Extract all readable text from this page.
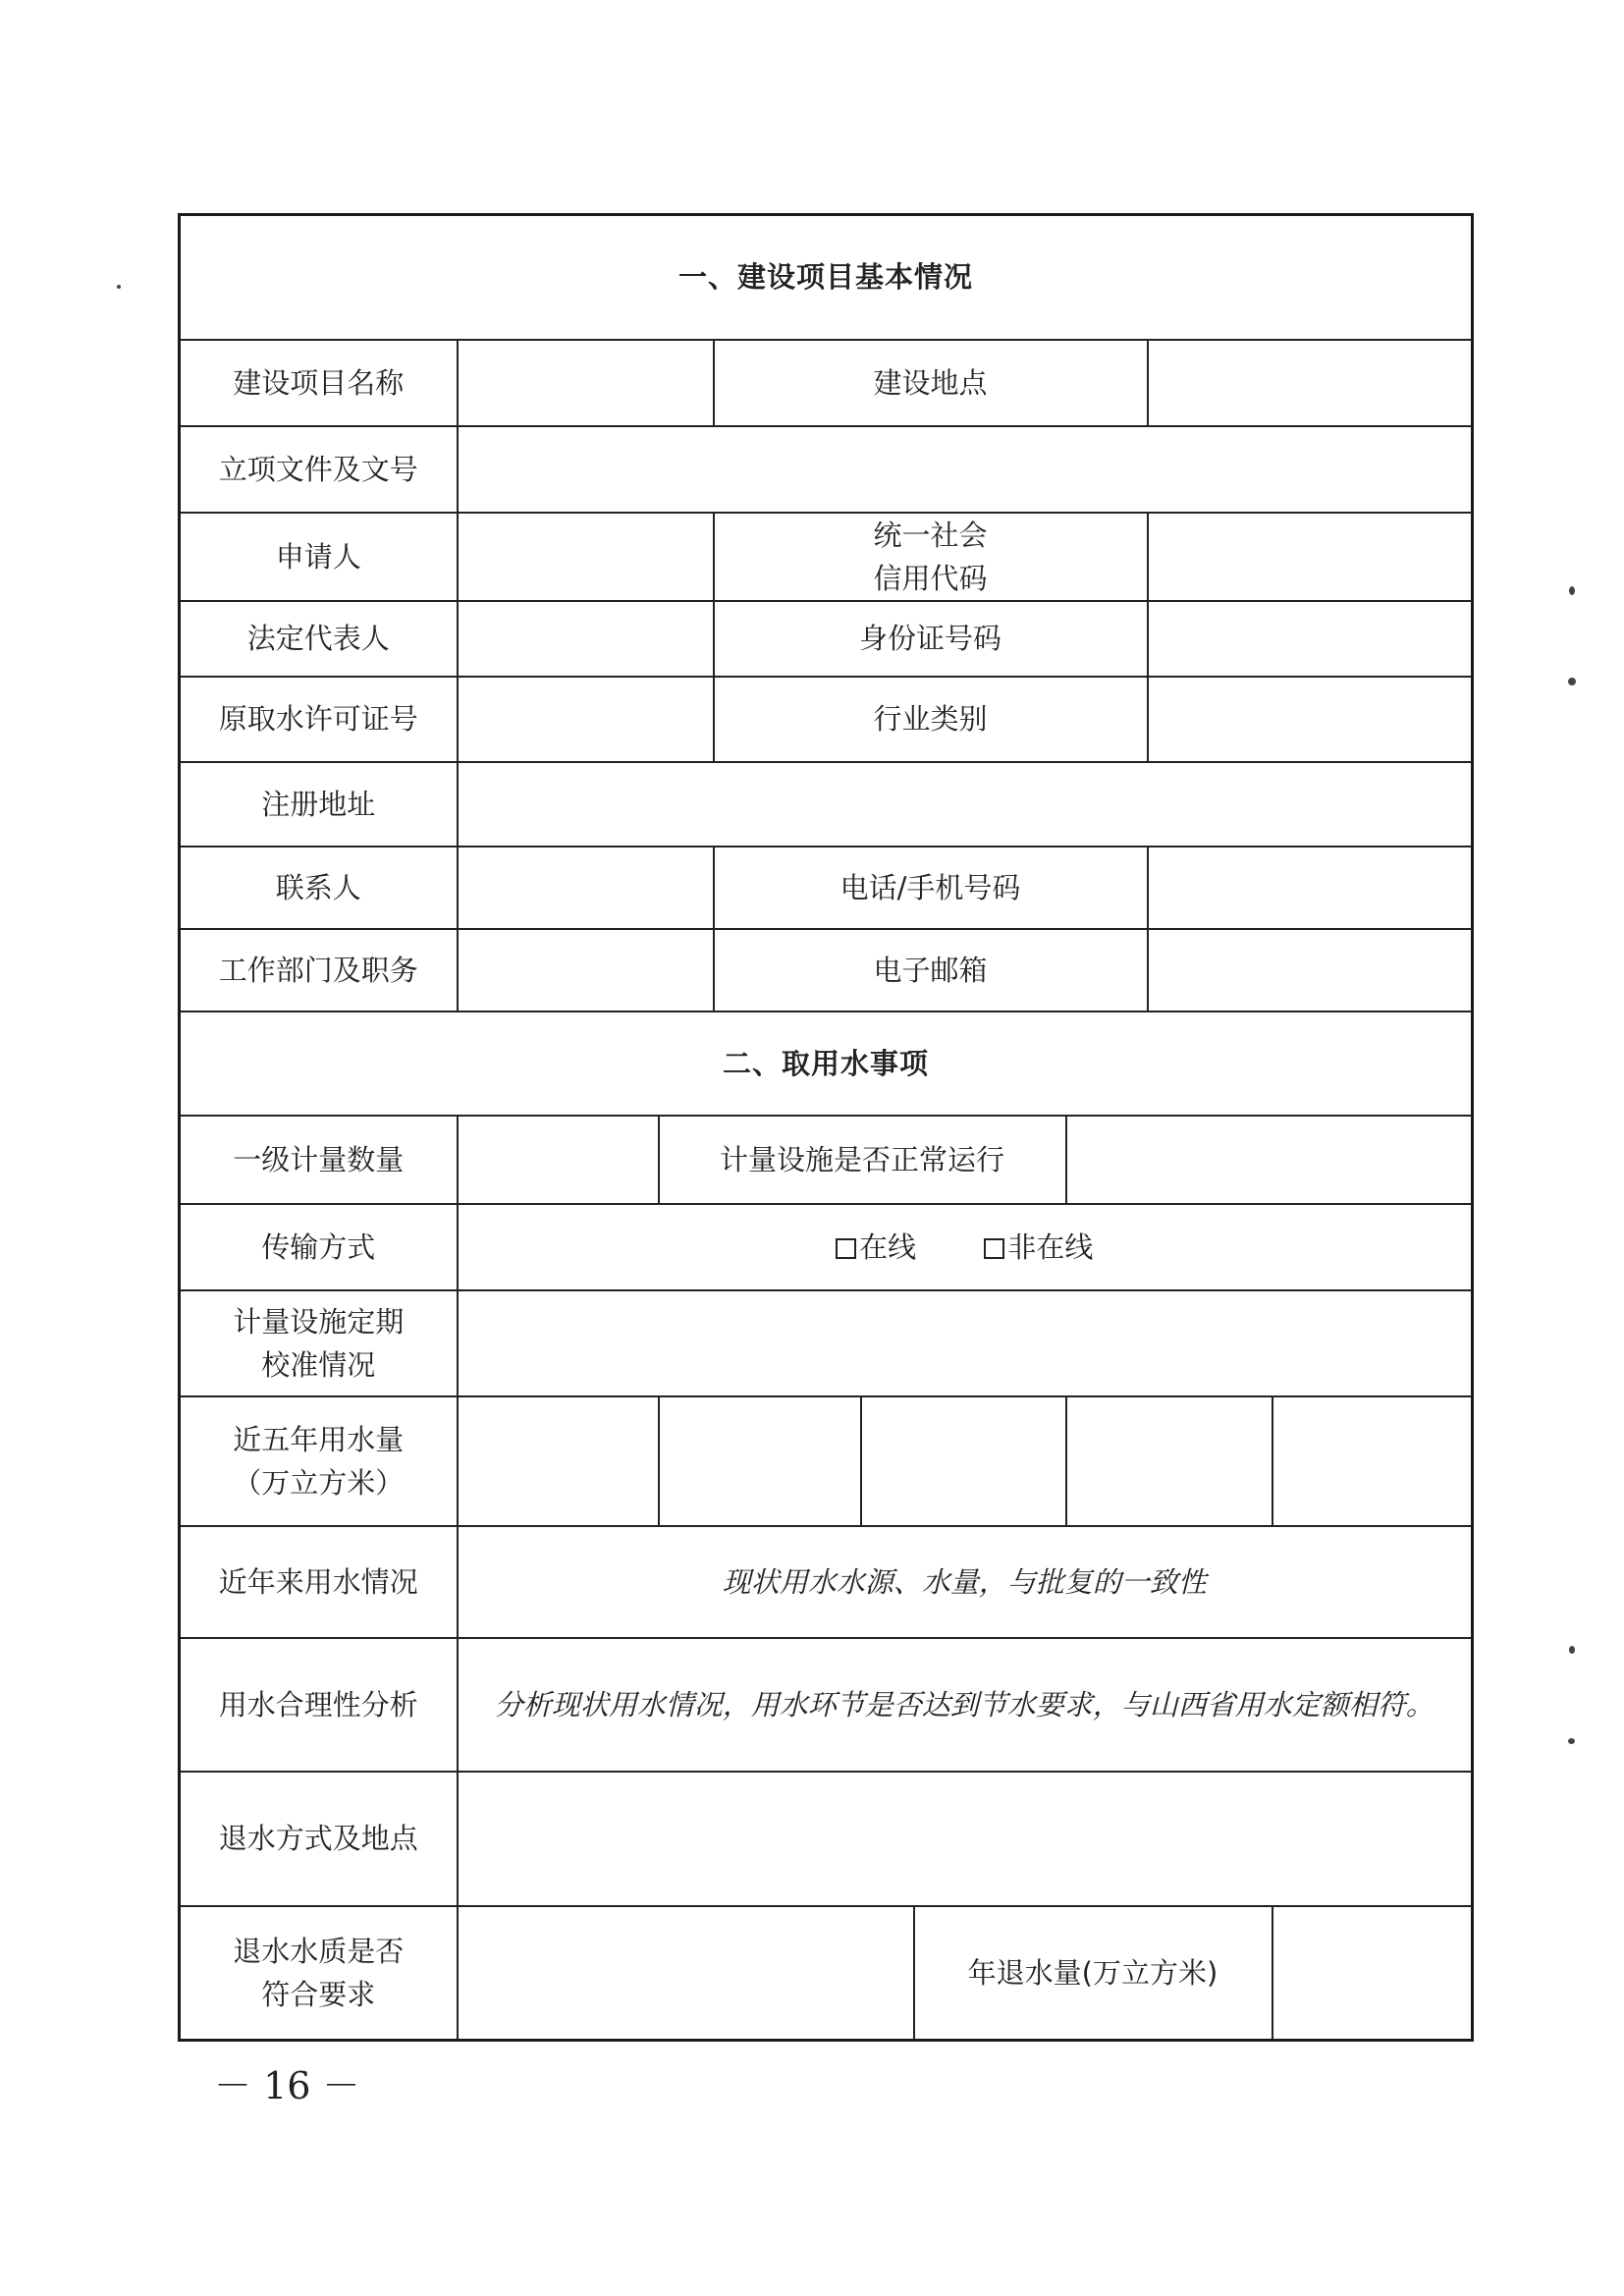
一、建设项目基本情况								
建设项目名称			建设地点					
立项文件及文号								
申请人			统一社会
信用代码					
法定代表人			身份证号码					
原取水许可证号			行业类别					
注册地址								
联系人			电话/手机号码					
工作部门及职务			电子邮箱					
二、取用水事项								
一级计量数量		计量设施是否正常运行						
传输方式	在线 非在线							
计量设施定期
校准情况								
近五年用水量
（万立方米）								
近年来用水情况	现状用水水源、水量，与批复的一致性							
用水合理性分析	分析现状用水情况，用水环节是否达到节水要求，与山西省用水定额相符。							
退水方式及地点								
退水水质是否
符合要求					年退水量(万立方米)			
－ 16 －
